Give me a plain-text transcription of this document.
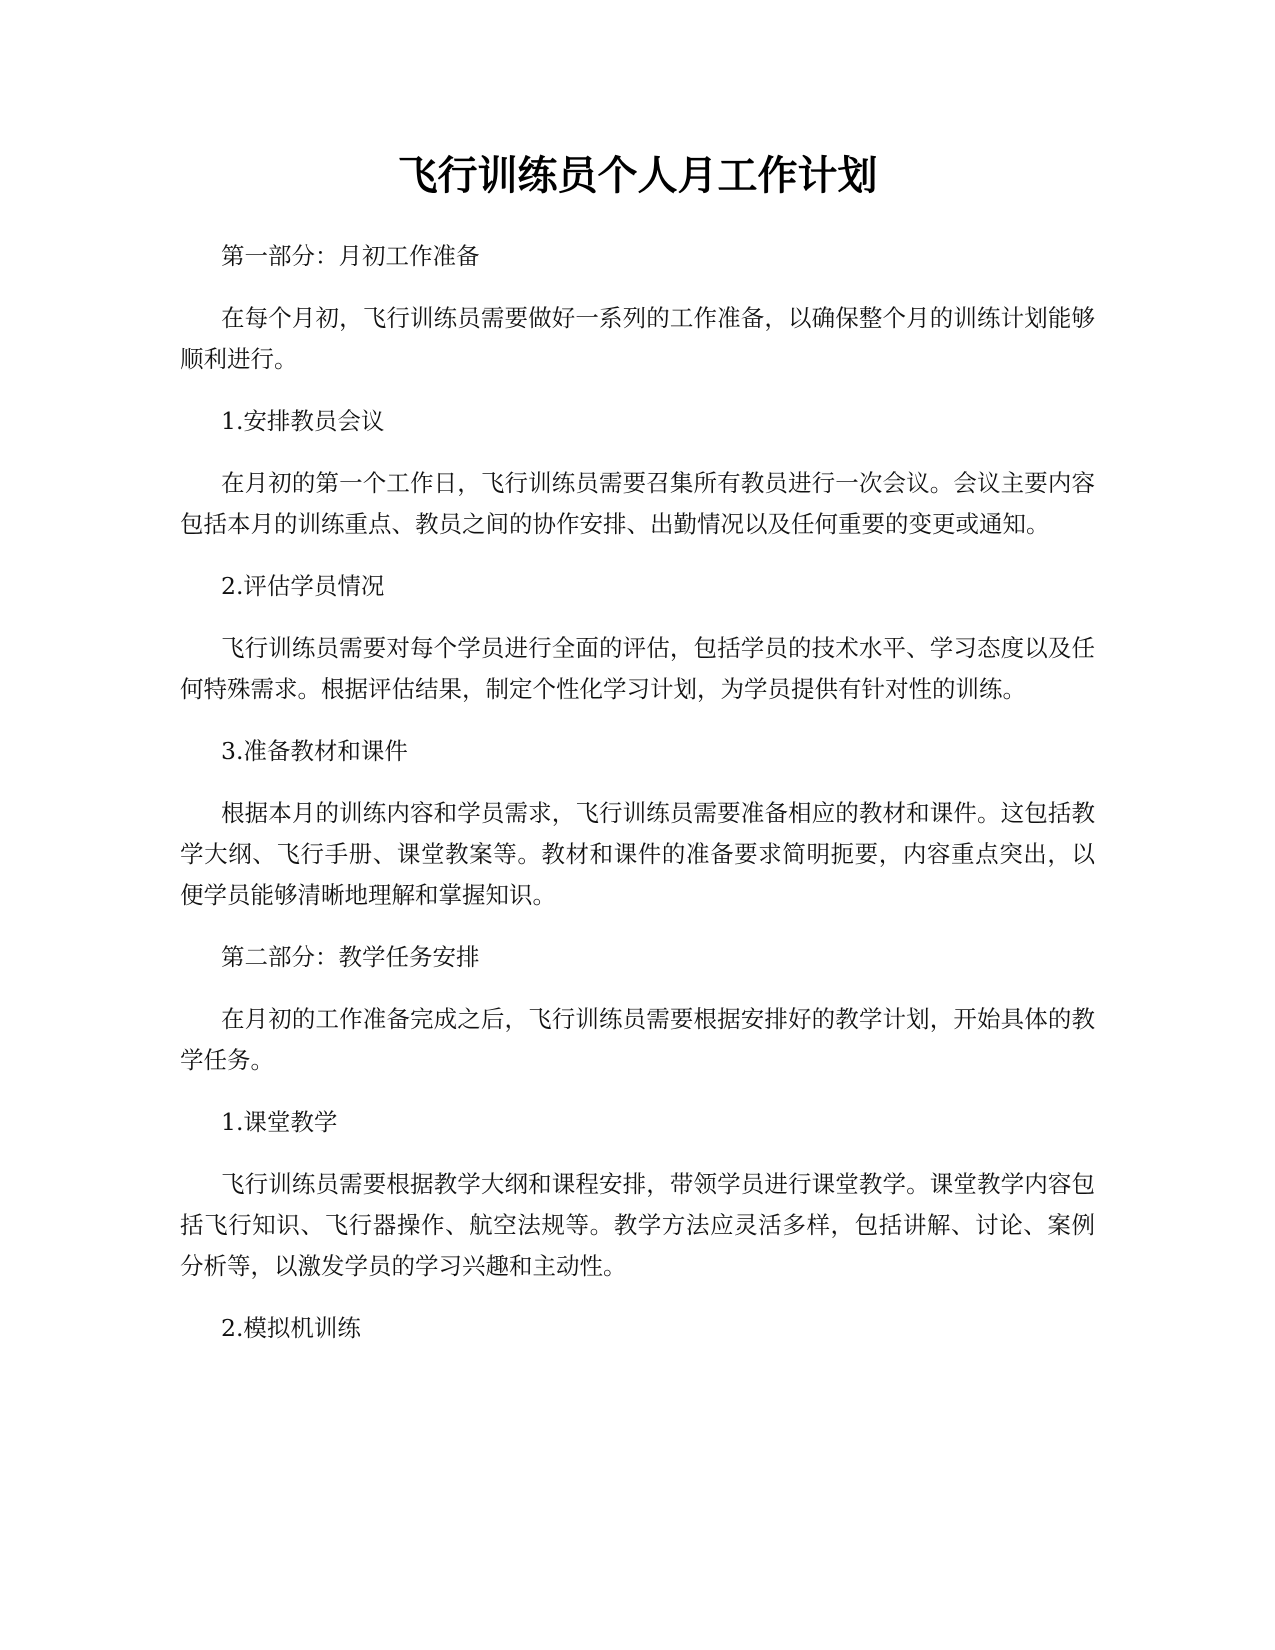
飞行训练员个人月工作计划

第一部分：月初工作准备

在每个月初，飞行训练员需要做好一系列的工作准备，以确保整个月的训练计划能够顺利进行。

1.安排教员会议

在月初的第一个工作日，飞行训练员需要召集所有教员进行一次会议。会议主要内容包括本月的训练重点、教员之间的协作安排、出勤情况以及任何重要的变更或通知。

2.评估学员情况

飞行训练员需要对每个学员进行全面的评估，包括学员的技术水平、学习态度以及任何特殊需求。根据评估结果，制定个性化学习计划，为学员提供有针对性的训练。

3.准备教材和课件

根据本月的训练内容和学员需求，飞行训练员需要准备相应的教材和课件。这包括教学大纲、飞行手册、课堂教案等。教材和课件的准备要求简明扼要，内容重点突出，以便学员能够清晰地理解和掌握知识。

第二部分：教学任务安排

在月初的工作准备完成之后，飞行训练员需要根据安排好的教学计划，开始具体的教学任务。

1.课堂教学

飞行训练员需要根据教学大纲和课程安排，带领学员进行课堂教学。课堂教学内容包括飞行知识、飞行器操作、航空法规等。教学方法应灵活多样，包括讲解、讨论、案例分析等，以激发学员的学习兴趣和主动性。

2.模拟机训练
